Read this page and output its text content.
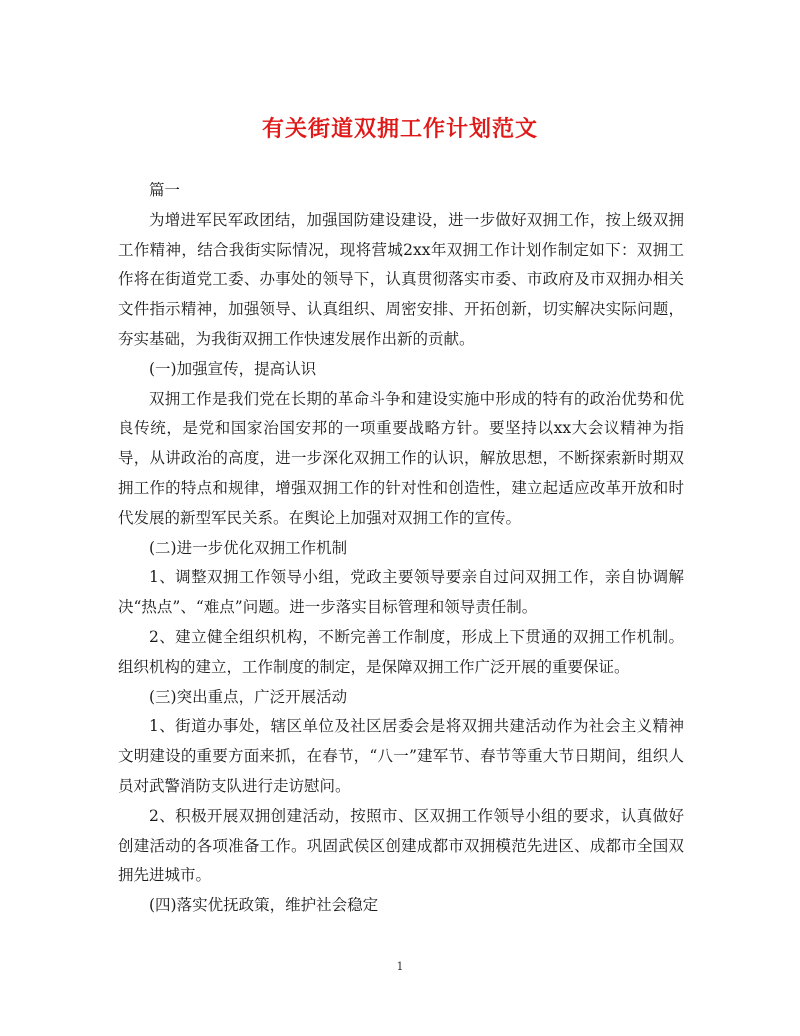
有关街道双拥工作计划范文

篇一

为增进军民军政团结，加强国防建设建设，进一步做好双拥工作，按上级双拥工作精神，结合我街实际情况，现将营城2xx年双拥工作计划作制定如下：双拥工作将在街道党工委、办事处的领导下，认真贯彻落实市委、市政府及市双拥办相关文件指示精神，加强领导、认真组织、周密安排、开拓创新，切实解决实际问题，夯实基础，为我街双拥工作快速发展作出新的贡献。

(一)加强宣传，提高认识

双拥工作是我们党在长期的革命斗争和建设实施中形成的特有的政治优势和优良传统，是党和国家治国安邦的一项重要战略方针。要坚持以xx大会议精神为指导，从讲政治的高度，进一步深化双拥工作的认识，解放思想，不断探索新时期双拥工作的特点和规律，增强双拥工作的针对性和创造性，建立起适应改革开放和时代发展的新型军民关系。在舆论上加强对双拥工作的宣传。

(二)进一步优化双拥工作机制

1、调整双拥工作领导小组，党政主要领导要亲自过问双拥工作，亲自协调解决“热点”、“难点”问题。进一步落实目标管理和领导责任制。

2、建立健全组织机构，不断完善工作制度，形成上下贯通的双拥工作机制。组织机构的建立，工作制度的制定，是保障双拥工作广泛开展的重要保证。

(三)突出重点，广泛开展活动

1、街道办事处，辖区单位及社区居委会是将双拥共建活动作为社会主义精神文明建设的重要方面来抓，在春节，“八一”建军节、春节等重大节日期间，组织人员对武警消防支队进行走访慰问。

2、积极开展双拥创建活动，按照市、区双拥工作领导小组的要求，认真做好创建活动的各项准备工作。巩固武侯区创建成都市双拥模范先进区、成都市全国双拥先进城市。

(四)落实优抚政策，维护社会稳定

1
